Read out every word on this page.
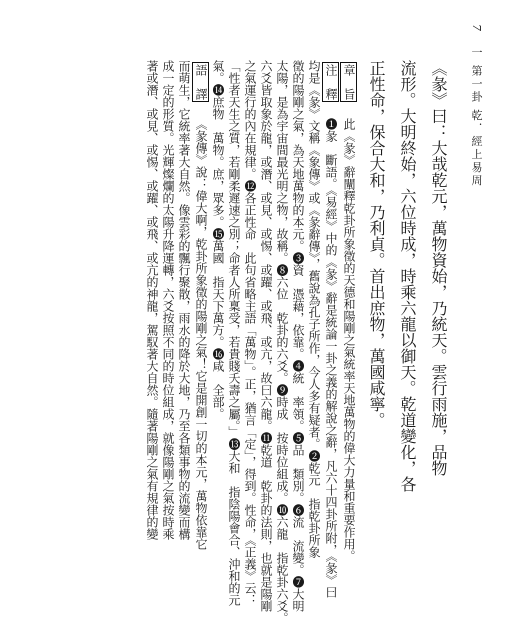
7 一 第一卦 乾．經上易周
《彖》曰：大哉乾元，萬物資始，乃統天。雲行雨施，品物
流形。大明終始，六位時成，時乘六龍以御天。乾道變化，各
正性命，保合大和，乃利貞。首出庶物，萬國咸寧。
章　旨 此《彖》辭闡釋乾卦所象徵的天德和陽剛之氣統率天地萬物的偉大力量和重要作用。
注　釋 ❶彖　斷語。《易經》中的《彖》辭是統論一卦之義的解說之辭，凡六十四卦所附，《彖》曰
均是《彖》文稱《象傳》或《彖辭傳》，舊說為孔子所作，今人多有疑者。❷乾元　指乾卦所象
徵的陽剛之氣，為天地萬物的本元。❸資　憑藉，依靠。❹統　率領。❺品　類別。❻流　流變。❼大明
太陽，是為宇宙間最光明之物，故稱。❽六位　乾卦的六爻。❾時成　按時位組成。❿六龍　指乾卦六爻。
六爻皆取象於龍，或潛、或見、或惕、或躍、或飛、或亢，故曰六龍。⓫乾道　乾卦的法則，也就是陽剛
之氣運行的內在規律。⓬各正性命　此句省略主語「萬物」。正，猶言「定」，得到。性命，《正義》云：
「性者天生之質，若剛柔遲速之別；命者人所稟受，若貴賤夭壽之屬。」⓭大和　指陰陽會合、沖和的元
氣。⓮庶物　萬物。庶，眾多。⓯萬國　指天下萬方。⓰咸　全部。
語　譯 《彖傳》說：偉大啊，乾卦所象徵的陽剛之氣！它是開創一切的本元，萬物依靠它
而萌生，它統率著大自然。像雲彩的飄行聚散，雨水的降於大地，乃至各類事物的流變而構
成一定的形質。光輝燦爛的太陽升降運轉，六爻按照不同的時位組成，就像陽剛之氣按時乘
著或潛、或見、或惕、或躍、或飛、或亢的神龍，駕馭著大自然。隨著陽剛之氣有規律的變
